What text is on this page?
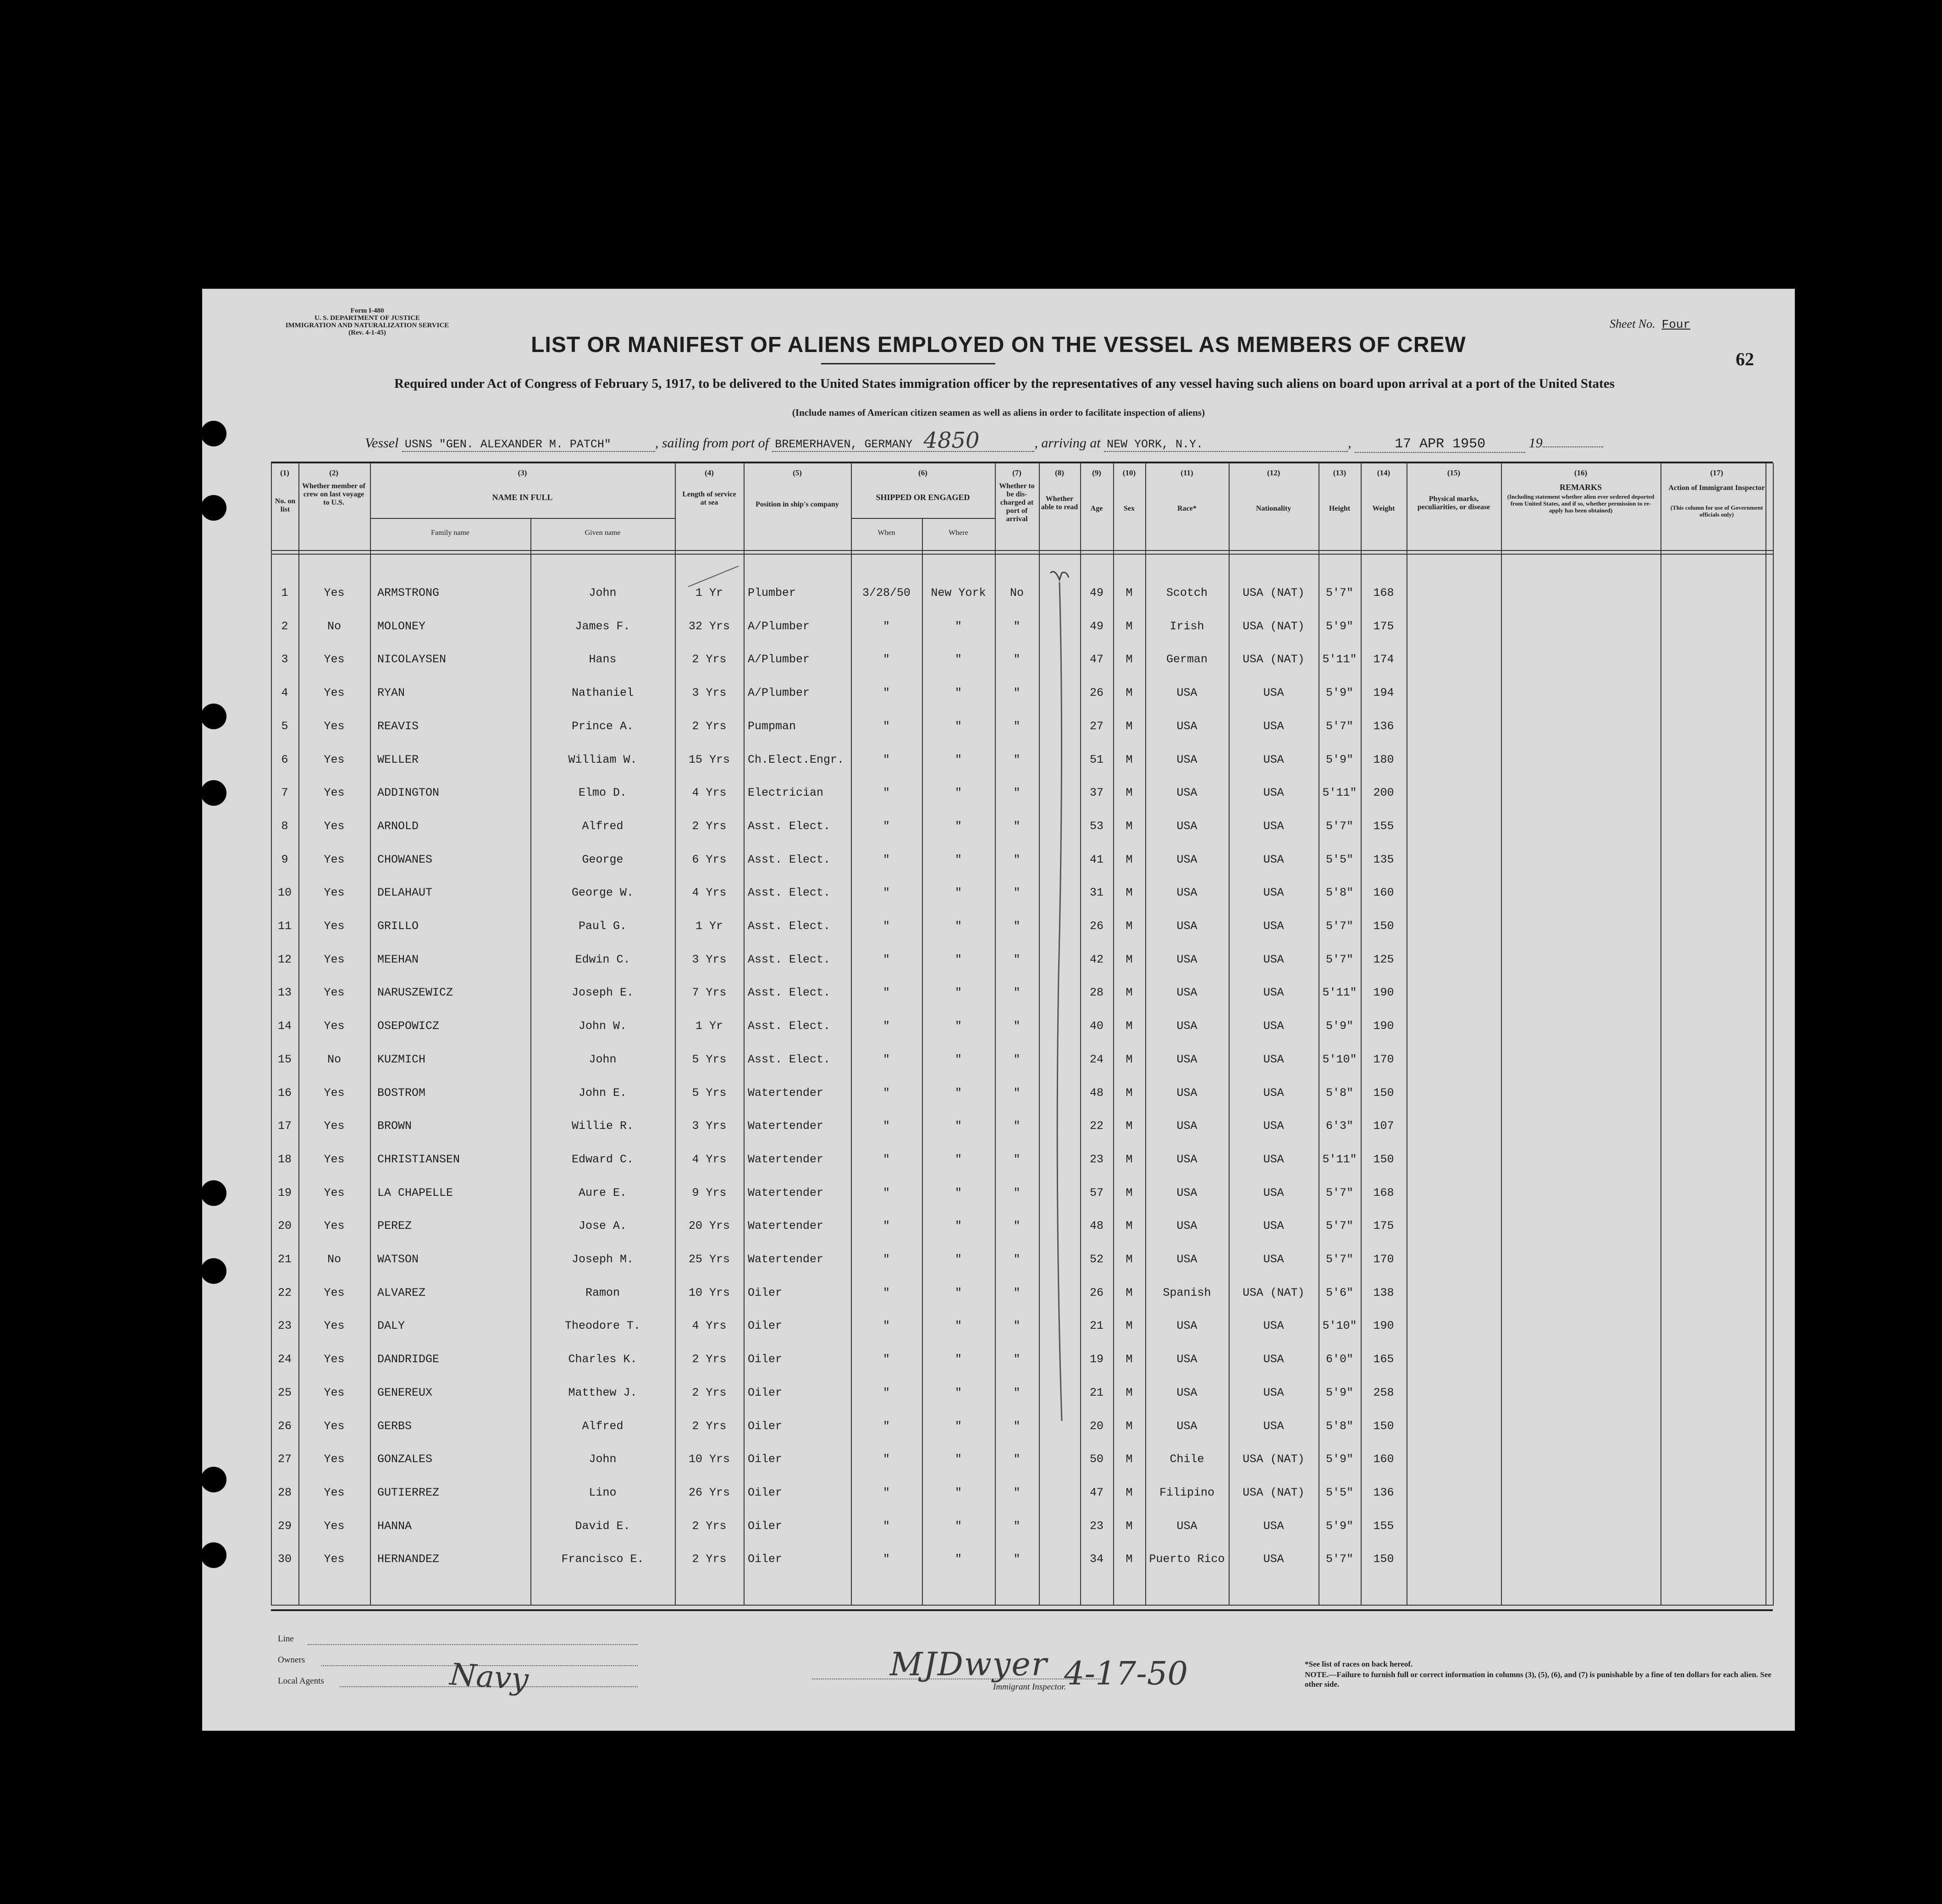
Form I-480
U. S. DEPARTMENT OF JUSTICE
IMMIGRATION AND NATURALIZATION SERVICE
(Rev. 4-1-45)	LIST OR MANIFEST OF ALIENS EMPLOYED ON THE VESSEL AS MEMBERS OF CREW
Sheet No. Four
62
Required under Act of Congress of February 5, 1917, to be delivered to the United States immigration officer by the representatives of any vessel having such aliens on board upon arrival at a port of the United States
(Include names of American citizen seamen as well as aliens in order to facilitate inspection of aliens)
Vessel USNS "GEN. ALEXANDER M. PATCH"	, sailing from port of BREMERHAVEN, GERMANY 4850	, arriving at NEW YORK, N.Y.	,	17 APR 1950	19
(1)
No. on list
(2)
Whether member of crew on last voyage to U.S.
(3)
NAME IN FULL
Family name	Given name
(4)
Length of service at sea
(5)
Position in ship's company
(6)
SHIPPED OR ENGAGED
When	Where
(7)
Whether to be dis-charged at port of arrival
(8)
Whether able to read
(9)
Age
(10)
Sex
(11)
Race*
(12)
Nationality
(13)
Height
(14)
Weight
(15)
Physical marks, peculiarities, or disease
(16)
REMARKS
(Including statement whether alien ever ordered deported from United States, and if so, whether permission to re-apply has been obtained)
(17)
Action of Immigrant Inspector
(This column for use of Government officials only)
1	Yes	ARMSTRONG	John	1 Yr	Plumber	3/28/50	New York	No	49	M	Scotch	USA (NAT)	5'7"	168
2	No	MOLONEY	James F.	32 Yrs	A/Plumber	"	"	"	49	M	Irish	USA (NAT)	5'9"	175
3	Yes	NICOLAYSEN	Hans	2 Yrs	A/Plumber	"	"	"	47	M	German	USA (NAT)	5'11"	174
4	Yes	RYAN	Nathaniel	3 Yrs	A/Plumber	"	"	"	26	M	USA	USA	5'9"	194
5	Yes	REAVIS	Prince A.	2 Yrs	Pumpman	"	"	"	27	M	USA	USA	5'7"	136
6	Yes	WELLER	William W.	15 Yrs	Ch.Elect.Engr.	"	"	"	51	M	USA	USA	5'9"	180
7	Yes	ADDINGTON	Elmo D.	4 Yrs	Electrician	"	"	"	37	M	USA	USA	5'11"	200
8	Yes	ARNOLD	Alfred	2 Yrs	Asst. Elect.	"	"	"	53	M	USA	USA	5'7"	155
9	Yes	CHOWANES	George	6 Yrs	Asst. Elect.	"	"	"	41	M	USA	USA	5'5"	135
10	Yes	DELAHAUT	George W.	4 Yrs	Asst. Elect.	"	"	"	31	M	USA	USA	5'8"	160
11	Yes	GRILLO	Paul G.	1 Yr	Asst. Elect.	"	"	"	26	M	USA	USA	5'7"	150
12	Yes	MEEHAN	Edwin C.	3 Yrs	Asst. Elect.	"	"	"	42	M	USA	USA	5'7"	125
13	Yes	NARUSZEWICZ	Joseph E.	7 Yrs	Asst. Elect.	"	"	"	28	M	USA	USA	5'11"	190
14	Yes	OSEPOWICZ	John W.	1 Yr	Asst. Elect.	"	"	"	40	M	USA	USA	5'9"	190
15	No	KUZMICH	John	5 Yrs	Asst. Elect.	"	"	"	24	M	USA	USA	5'10"	170
16	Yes	BOSTROM	John E.	5 Yrs	Watertender	"	"	"	48	M	USA	USA	5'8"	150
17	Yes	BROWN	Willie R.	3 Yrs	Watertender	"	"	"	22	M	USA	USA	6'3"	107
18	Yes	CHRISTIANSEN	Edward C.	4 Yrs	Watertender	"	"	"	23	M	USA	USA	5'11"	150
19	Yes	LA CHAPELLE	Aure E.	9 Yrs	Watertender	"	"	"	57	M	USA	USA	5'7"	168
20	Yes	PEREZ	Jose A.	20 Yrs	Watertender	"	"	"	48	M	USA	USA	5'7"	175
21	No	WATSON	Joseph M.	25 Yrs	Watertender	"	"	"	52	M	USA	USA	5'7"	170
22	Yes	ALVAREZ	Ramon	10 Yrs	Oiler	"	"	"	26	M	Spanish	USA (NAT)	5'6"	138
23	Yes	DALY	Theodore T.	4 Yrs	Oiler	"	"	"	21	M	USA	USA	5'10"	190
24	Yes	DANDRIDGE	Charles K.	2 Yrs	Oiler	"	"	"	19	M	USA	USA	6'0"	165
25	Yes	GENEREUX	Matthew J.	2 Yrs	Oiler	"	"	"	21	M	USA	USA	5'9"	258
26	Yes	GERBS	Alfred	2 Yrs	Oiler	"	"	"	20	M	USA	USA	5'8"	150
27	Yes	GONZALES	John	10 Yrs	Oiler	"	"	"	50	M	Chile	USA (NAT)	5'9"	160
28	Yes	GUTIERREZ	Lino	26 Yrs	Oiler	"	"	"	47	M	Filipino	USA (NAT)	5'5"	136
29	Yes	HANNA	David E.	2 Yrs	Oiler	"	"	"	23	M	USA	USA	5'9"	155
30	Yes	HERNANDEZ	Francisco E.	2 Yrs	Oiler	"	"	"	34	M	Puerto Rico	USA	5'7"	150
Line
Owners
Local Agents	Navy	MJDwyer 4-17-50
Immigrant Inspector.
*See list of races on back hereof.
NOTE.—Failure to furnish full or correct information in columns (3), (5), (6), and (7) is punishable by a fine of ten dollars for each alien. See other side.
